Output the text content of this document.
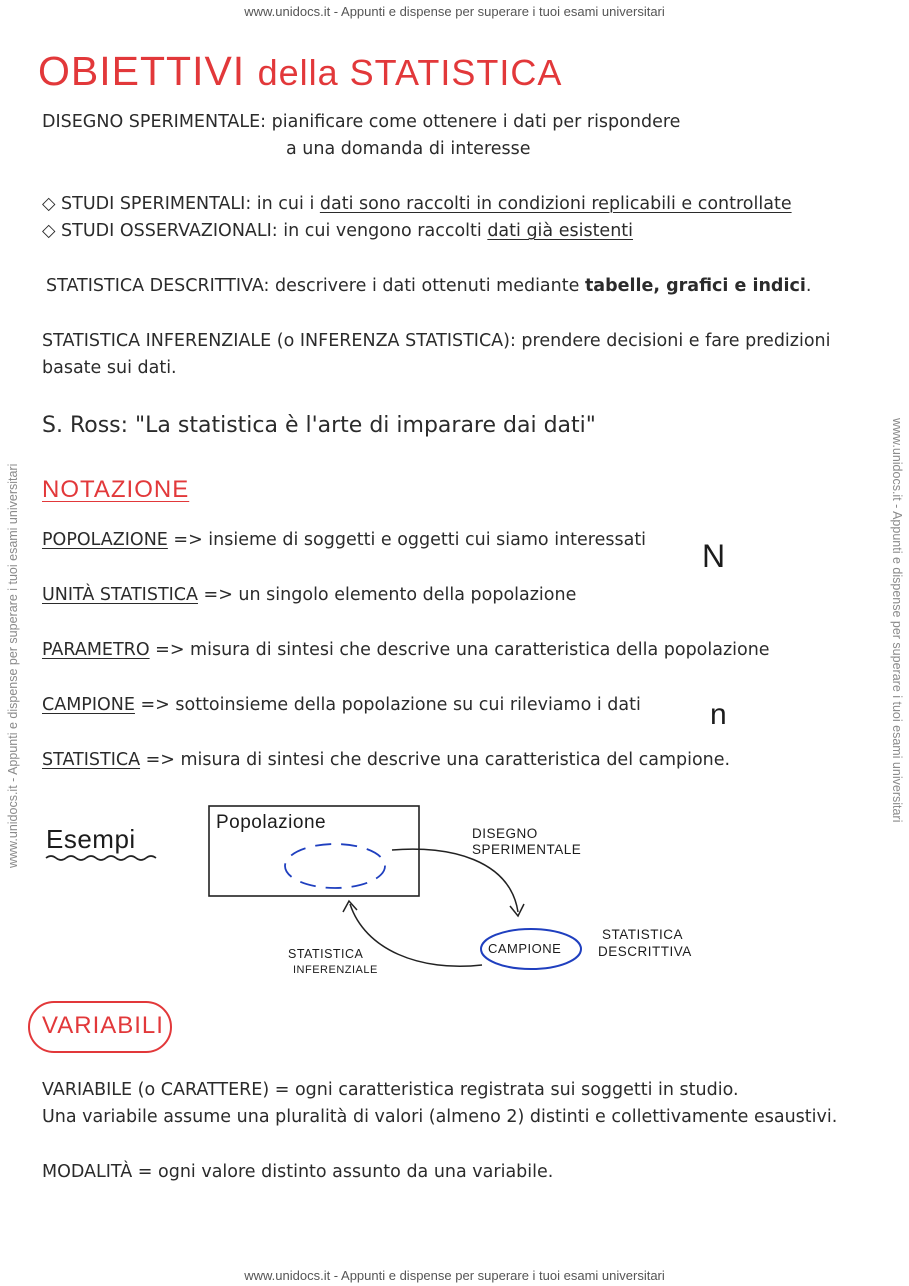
www.unidocs.it - Appunti e dispense per superare i tuoi esami universitari
www.unidocs.it - Appunti e dispense per superare i tuoi esami universitari
www.unidocs.it - Appunti e dispense per superare i tuoi esami universitari	www.unidocs.it - Appunti e dispense per superare i tuoi esami universitari
OBIETTIVI della STATISTICA
DISEGNO SPERIMENTALE: pianificare come ottenere i dati per rispondere
a una domanda di interesse
◇ STUDI SPERIMENTALI: in cui i dati sono raccolti in condizioni replicabili e controllate
◇ STUDI OSSERVAZIONALI: in cui vengono raccolti dati già esistenti
STATISTICA DESCRITTIVA: descrivere i dati ottenuti mediante tabelle, grafici e indici.
STATISTICA INFERENZIALE (o INFERENZA STATISTICA): prendere decisioni e fare predizioni
basate sui dati.
S. Ross: "La statistica è l'arte di imparare dai dati"
NOTAZIONE
POPOLAZIONE => insieme di soggetti e oggetti cui siamo interessati
UNITÀ STATISTICA => un singolo elemento della popolazione
PARAMETRO => misura di sintesi che descrive una caratteristica della popolazione
CAMPIONE => sottoinsieme della popolazione su cui rileviamo i dati
STATISTICA => misura di sintesi che descrive una caratteristica del campione.
N
n
Esempi
Popolazione
DISEGNO
SPERIMENTALE
CAMPIONE
STATISTICA
DESCRITTIVA
STATISTICA
INFERENZIALE
VARIABILI
VARIABILE (o CARATTERE) = ogni caratteristica registrata sui soggetti in studio.
Una variabile assume una pluralità di valori (almeno 2) distinti e collettivamente esaustivi.
MODALITÀ = ogni valore distinto assunto da una variabile.
